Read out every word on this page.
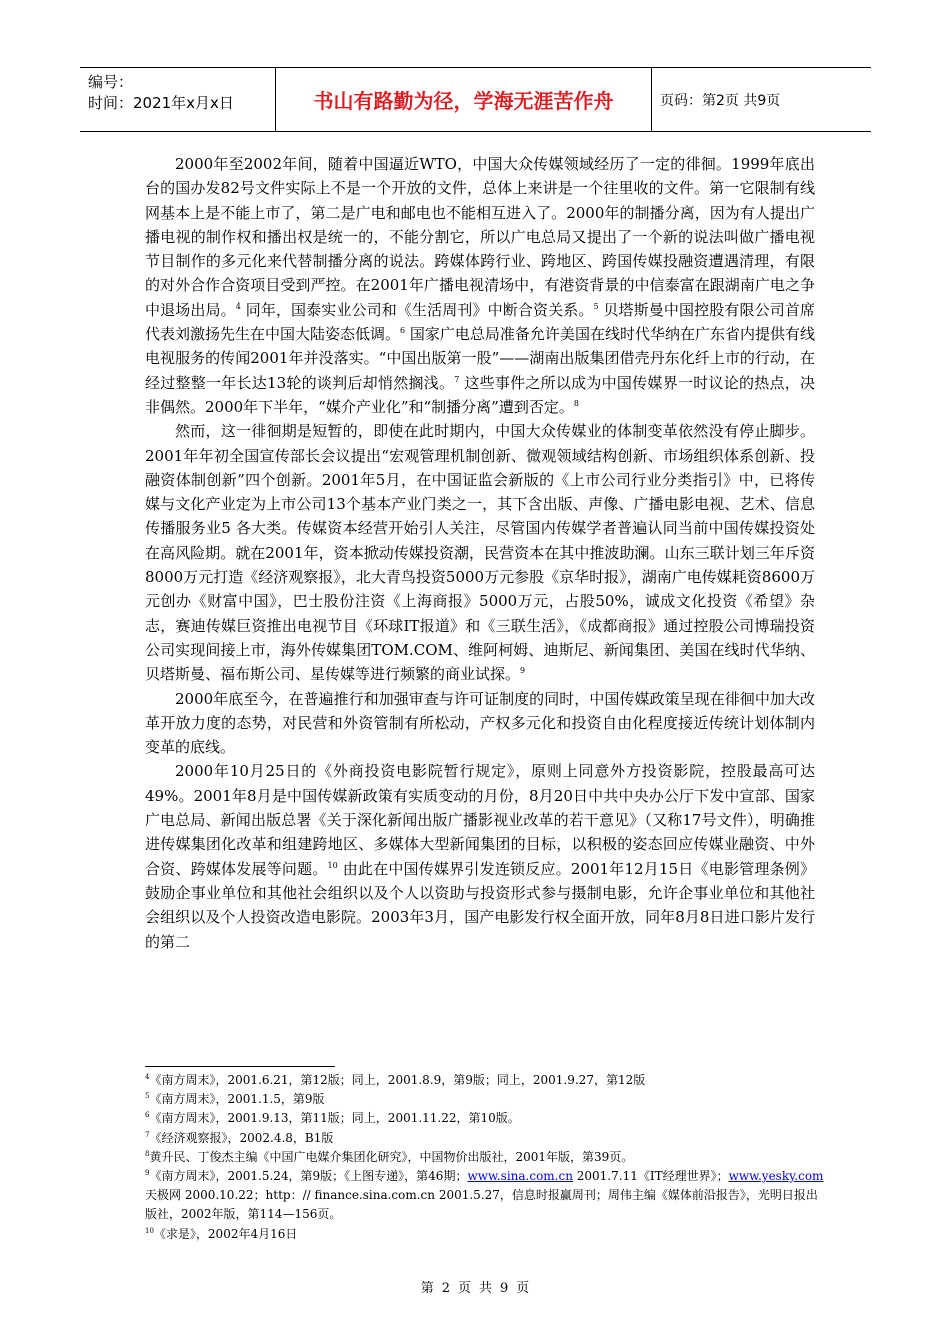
编号：
时间：2021年x月x日	书山有路勤为径，学海无涯苦作舟	页码：第2页 共9页

2000年至2002年间，随着中国逼近WTO，中国大众传媒领域经历了一定的徘徊。1999年底出台的国办发82号文件实际上不是一个开放的文件，总体上来讲是一个往里收的文件。第一它限制有线网基本上是不能上市了，第二是广电和邮电也不能相互进入了。2000年的制播分离，因为有人提出广播电视的制作权和播出权是统一的，不能分割它，所以广电总局又提出了一个新的说法叫做广播电视节目制作的多元化来代替制播分离的说法。跨媒体跨行业、跨地区、跨国传媒投融资遭遇清理，有限的对外合作合资项目受到严控。在2001年广播电视清场中，有港资背景的中信泰富在跟湖南广电之争中退场出局。$^4$ 同年，国泰实业公司和《生活周刊》中断合资关系。$^5$ 贝塔斯曼中国控股有限公司首席代表刘激扬先生在中国大陆姿态低调。$^6$ 国家广电总局准备允许美国在线时代华纳在广东省内提供有线电视服务的传闻2001年并没落实。“中国出版第一股”——湖南出版集团借壳丹东化纤上市的行动，在经过整整一年长达13轮的谈判后却悄然搁浅。$^7$ 这些事件之所以成为中国传媒界一时议论的热点，决非偶然。2000年下半年，“媒介产业化”和“制播分离”遭到否定。$^8$

然而，这一徘徊期是短暂的，即使在此时期内，中国大众传媒业的体制变革依然没有停止脚步。2001年年初全国宣传部长会议提出“宏观管理机制创新、微观领域结构创新、市场组织体系创新、投融资体制创新”四个创新。2001年5月，在中国证监会新版的《上市公司行业分类指引》中，已将传媒与文化产业定为上市公司13个基本产业门类之一，其下含出版、声像、广播电影电视、艺术、信息传播服务业5 各大类。传媒资本经营开始引人关注，尽管国内传媒学者普遍认同当前中国传媒投资处在高风险期。就在2001年，资本掀动传媒投资潮，民营资本在其中推波助澜。山东三联计划三年斥资8000万元打造《经济观察报》，北大青鸟投资5000万元参股《京华时报》，湖南广电传媒耗资8600万元创办《财富中国》，巴士股份注资《上海商报》5000万元，占股50%，诚成文化投资《希望》杂志，赛迪传媒巨资推出电视节目《环球IT报道》和《三联生活》，《成都商报》通过控股公司博瑞投资公司实现间接上市，海外传媒集团TOM.COM、维阿柯姆、迪斯尼、新闻集团、美国在线时代华纳、贝塔斯曼、福布斯公司、星传媒等进行频繁的商业试探。$^9$

2000年底至今，在普遍推行和加强审查与许可证制度的同时，中国传媒政策呈现在徘徊中加大改革开放力度的态势，对民营和外资管制有所松动，产权多元化和投资自由化程度接近传统计划体制内变革的底线。

2000年10月25日的《外商投资电影院暂行规定》，原则上同意外方投资影院，控股最高可达49%。2001年8月是中国传媒新政策有实质变动的月份，8月20日中共中央办公厅下发中宣部、国家广电总局、新闻出版总署《关于深化新闻出版广播影视业改革的若干意见》（又称17号文件），明确推进传媒集团化改革和组建跨地区、多媒体大型新闻集团的目标，以积极的姿态回应传媒业融资、中外合资、跨媒体发展等问题。$^{10}$ 由此在中国传媒界引发连锁反应。2001年12月15日《电影管理条例》鼓励企事业单位和其他社会组织以及个人以资助与投资形式参与摄制电影，允许企事业单位和其他社会组织以及个人投资改造电影院。2003年3月，国产电影发行权全面开放，同年8月8日进口影片发行的第二

$^4$《南方周末》，2001.6.21，第12版；同上，2001.8.9，第9版；同上，2001.9.27，第12版
$^5$《南方周末》，2001.1.5，第9版
$^6$《南方周末》，2001.9.13，第11版；同上，2001.11.22，第10版。
$^7$《经济观察报》，2002.4.8，B1版
$^8$黄升民、丁俊杰主编《中国广电媒介集团化研究》，中国物价出版社，2001年版，第39页。
$^9$《南方周末》，2001.5.24，第9版；《上图专递》，第46期；www.sina.com.cn 2001.7.11《IT经理世界》；www.yesky.com 天极网 2000.10.22；http：// finance.sina.com.cn 2001.5.27，信息时报赢周刊；周伟主编《媒体前沿报告》，光明日报出版社，2002年版，第114—156页。
$^{10}$《求是》，2002年4月16日
第 2 页 共 9 页
